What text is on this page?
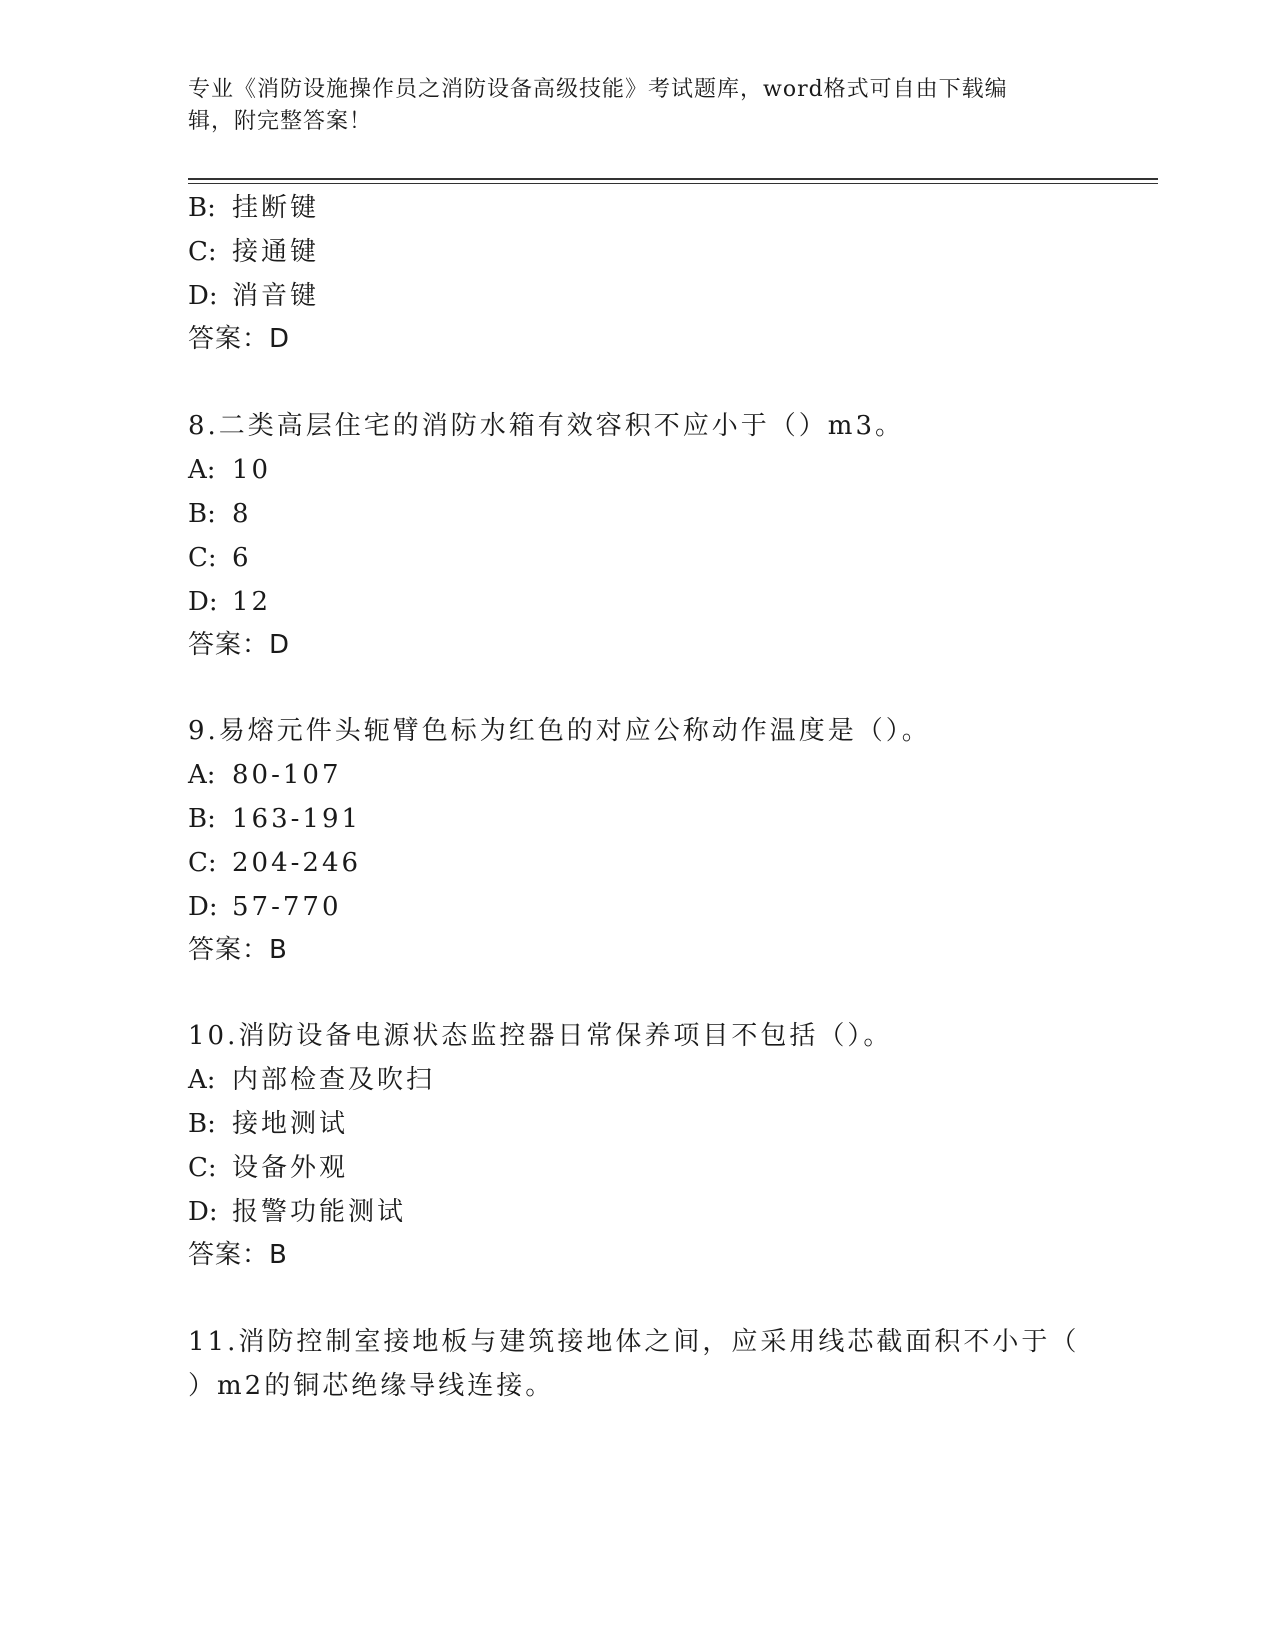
专业《消防设施操作员之消防设备高级技能》考试题库，word格式可自由下载编
辑，附完整答案！
B: 挂断键
C: 接通键
D: 消音键
答案：D
8.二类高层住宅的消防水箱有效容积不应小于（）m3。
A: 10
B: 8
C: 6
D: 12
答案：D
9.易熔元件头轭臂色标为红色的对应公称动作温度是（）。
A: 80-107
B: 163-191
C: 204-246
D: 57-770
答案：B
10.消防设备电源状态监控器日常保养项目不包括（）。
A: 内部检查及吹扫
B: 接地测试
C: 设备外观
D: 报警功能测试
答案：B
11.消防控制室接地板与建筑接地体之间，应采用线芯截面积不小于（
）m2的铜芯绝缘导线连接。
